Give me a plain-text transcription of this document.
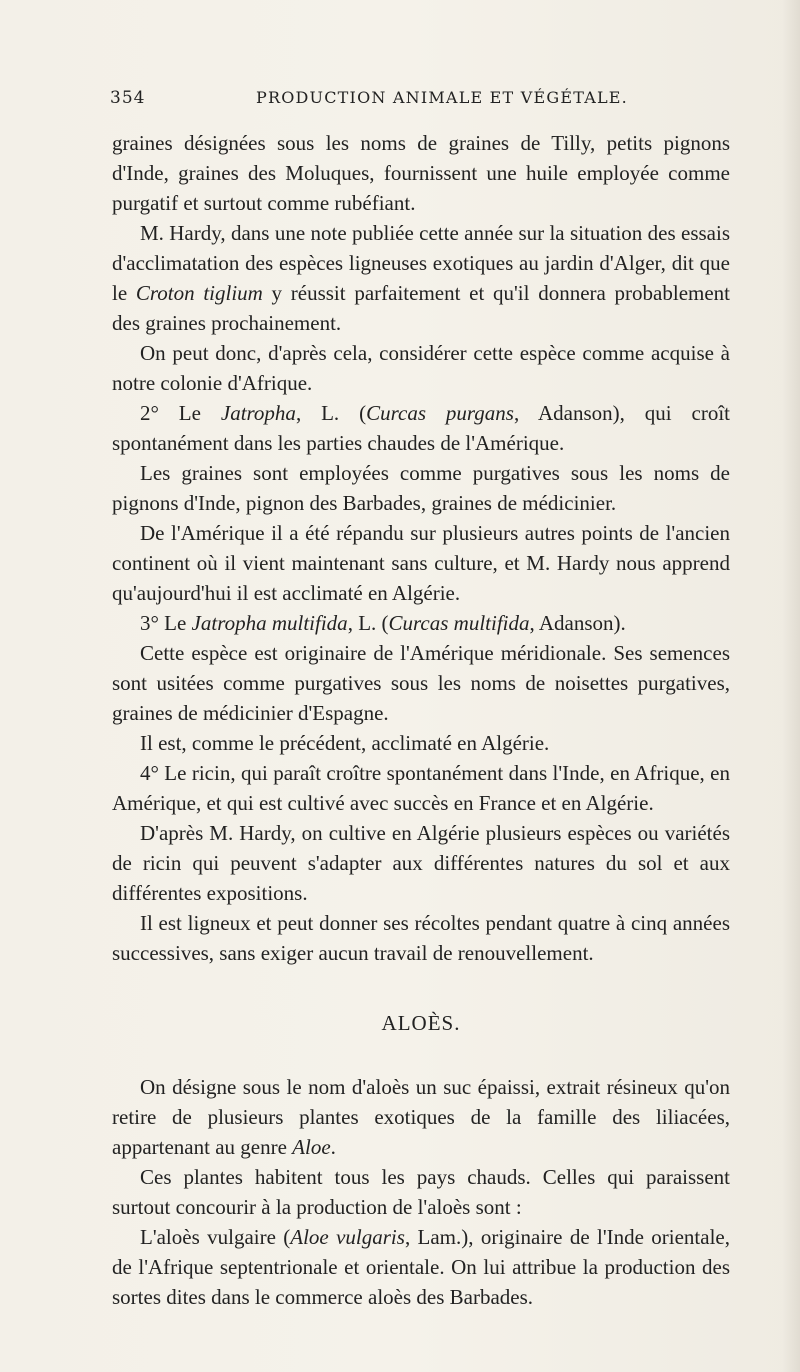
354	PRODUCTION ANIMALE ET VÉGÉTALE.

graines désignées sous les noms de graines de Tilly, petits pignons d'Inde, graines des Moluques, fournissent une huile employée comme purgatif et surtout comme rubéfiant.

M. Hardy, dans une note publiée cette année sur la situation des essais d'acclimatation des espèces ligneuses exotiques au jardin d'Alger, dit que le Croton tiglium y réussit parfaitement et qu'il donnera probablement des graines prochainement.

On peut donc, d'après cela, considérer cette espèce comme acquise à notre colonie d'Afrique.

2° Le Jatropha, L. (Curcas purgans, Adanson), qui croît spontanément dans les parties chaudes de l'Amérique.

Les graines sont employées comme purgatives sous les noms de pignons d'Inde, pignon des Barbades, graines de médicinier.

De l'Amérique il a été répandu sur plusieurs autres points de l'ancien continent où il vient maintenant sans culture, et M. Hardy nous apprend qu'aujourd'hui il est acclimaté en Algérie.

3° Le Jatropha multifida, L. (Curcas multifida, Adanson).

Cette espèce est originaire de l'Amérique méridionale. Ses semences sont usitées comme purgatives sous les noms de noisettes purgatives, graines de médicinier d'Espagne.

Il est, comme le précédent, acclimaté en Algérie.

4° Le ricin, qui paraît croître spontanément dans l'Inde, en Afrique, en Amérique, et qui est cultivé avec succès en France et en Algérie.

D'après M. Hardy, on cultive en Algérie plusieurs espèces ou variétés de ricin qui peuvent s'adapter aux différentes natures du sol et aux différentes expositions.

Il est ligneux et peut donner ses récoltes pendant quatre à cinq années successives, sans exiger aucun travail de renouvellement.

ALOÈS.

On désigne sous le nom d'aloès un suc épaissi, extrait résineux qu'on retire de plusieurs plantes exotiques de la famille des liliacées, appartenant au genre Aloe.

Ces plantes habitent tous les pays chauds. Celles qui paraissent surtout concourir à la production de l'aloès sont :

L'aloès vulgaire (Aloe vulgaris, Lam.), originaire de l'Inde orientale, de l'Afrique septentrionale et orientale. On lui attribue la production des sortes dites dans le commerce aloès des Barbades.
